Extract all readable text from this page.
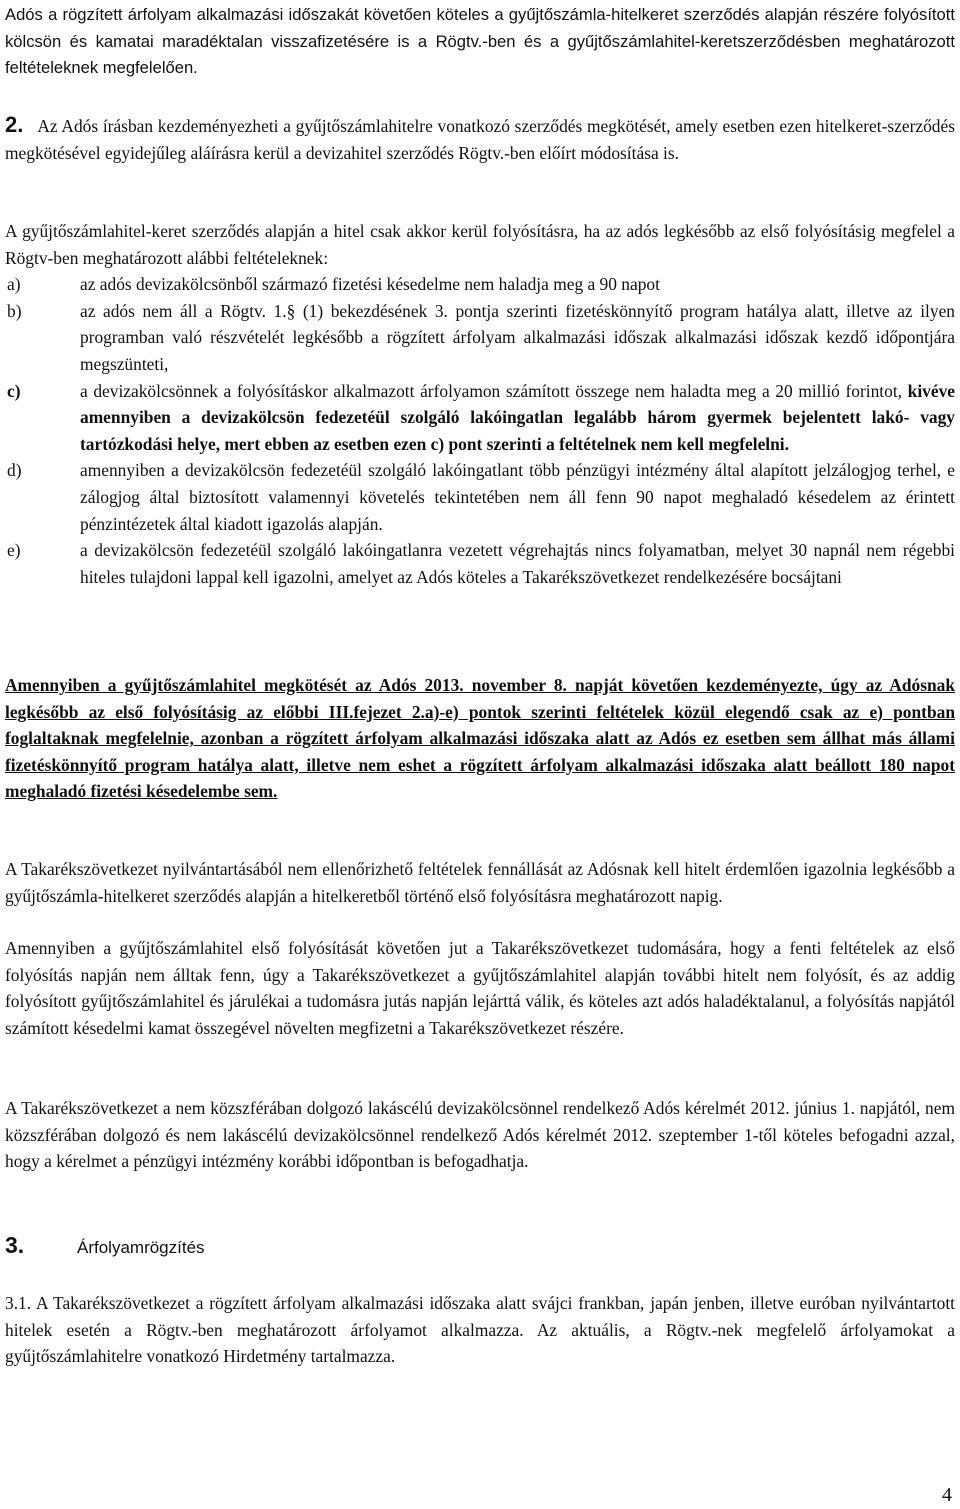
Adós a rögzített árfolyam alkalmazási időszakát követően köteles a gyűjtőszámla-hitelkeret szerződés alapján részére folyósított kölcsön és kamatai maradéktalan visszafizetésére is a Rögtv.-ben és a gyűjtőszámlahitel-keretszerződésben meghatározott feltételeknek megfelelően.

2. Az Adós írásban kezdeményezheti a gyűjtőszámlahitelre vonatkozó szerződés megkötését, amely esetben ezen hitelkeret-szerződés megkötésével egyidejűleg aláírásra kerül a devizahitel szerződés Rögtv.-ben előírt módosítása is.

A gyűjtőszámlahitel-keret szerződés alapján a hitel csak akkor kerül folyósításra, ha az adós legkésőbb az első folyósításig megfelel a Rögtv-ben meghatározott alábbi feltételeknek:

a)	az adós devizakölcsönből származó fizetési késedelme nem haladja meg a 90 napot
b)	az adós nem áll a Rögtv. 1.§ (1) bekezdésének 3. pontja szerinti fizetéskönnyítő program hatálya alatt, illetve az ilyen programban való részvételét legkésőbb a rögzített árfolyam alkalmazási időszak alkalmazási időszak kezdő időpontjára megszünteti,
c)	a devizakölcsönnek a folyósításkor alkalmazott árfolyamon számított összege nem haladta meg a 20 millió forintot, kivéve amennyiben a devizakölcsön fedezetéül szolgáló lakóingatlan legalább három gyermek bejelentett lakó- vagy tartózkodási helye, mert ebben az esetben ezen c) pont szerinti a feltételnek nem kell megfelelni.
d)	amennyiben a devizakölcsön fedezetéül szolgáló lakóingatlant több pénzügyi intézmény által alapított jelzálogjog terhel, e zálogjog által biztosított valamennyi követelés tekintetében nem áll fenn 90 napot meghaladó késedelem az érintett pénzintézetek által kiadott igazolás alapján.
e)	a devizakölcsön fedezetéül szolgáló lakóingatlanra vezetett végrehajtás nincs folyamatban, melyet 30 napnál nem régebbi hiteles tulajdoni lappal kell igazolni, amelyet az Adós köteles a Takarékszövetkezet rendelkezésére bocsájtani

Amennyiben a gyűjtőszámlahitel megkötését az Adós 2013. november 8. napját követően kezdeményezte, úgy az Adósnak legkésőbb az első folyósításig az előbbi III.fejezet 2.a)-e) pontok szerinti feltételek közül elegendő csak az e) pontban foglaltaknak megfelelnie, azonban a rögzített árfolyam alkalmazási időszaka alatt az Adós ez esetben sem állhat más állami fizetéskönnyítő program hatálya alatt, illetve nem eshet a rögzített árfolyam alkalmazási időszaka alatt beállott 180 napot meghaladó fizetési késedelembe sem.

A Takarékszövetkezet nyilvántartásából nem ellenőrizhető feltételek fennállását az Adósnak kell hitelt érdemlően igazolnia legkésőbb a gyűjtőszámla-hitelkeret szerződés alapján a hitelkeretből történő első folyósításra meghatározott napig.

Amennyiben a gyűjtőszámlahitel első folyósítását követően jut a Takarékszövetkezet tudomására, hogy a fenti feltételek az első folyósítás napján nem álltak fenn, úgy a Takarékszövetkezet a gyűjtőszámlahitel alapján további hitelt nem folyósít, és az addig folyósított gyűjtőszámlahitel és járulékai a tudomásra jutás napján lejárttá válik, és köteles azt adós haladéktalanul, a folyósítás napjától számított késedelmi kamat összegével növelten megfizetni a Takarékszövetkezet részére.

A Takarékszövetkezet a nem közszférában dolgozó lakáscélú devizakölcsönnel rendelkező Adós kérelmét 2012. június 1. napjától, nem közszférában dolgozó és nem lakáscélú devizakölcsönnel rendelkező Adós kérelmét 2012. szeptember 1-től köteles befogadni azzal, hogy a kérelmet a pénzügyi intézmény korábbi időpontban is befogadhatja.

3.	Árfolyamrögzítés

3.1. A Takarékszövetkezet a rögzített árfolyam alkalmazási időszaka alatt svájci frankban, japán jenben, illetve euróban nyilvántartott hitelek esetén a Rögtv.-ben meghatározott árfolyamot alkalmazza. Az aktuális, a Rögtv.-nek megfelelő árfolyamokat a gyűjtőszámlahitelre vonatkozó Hirdetmény tartalmazza.

4
